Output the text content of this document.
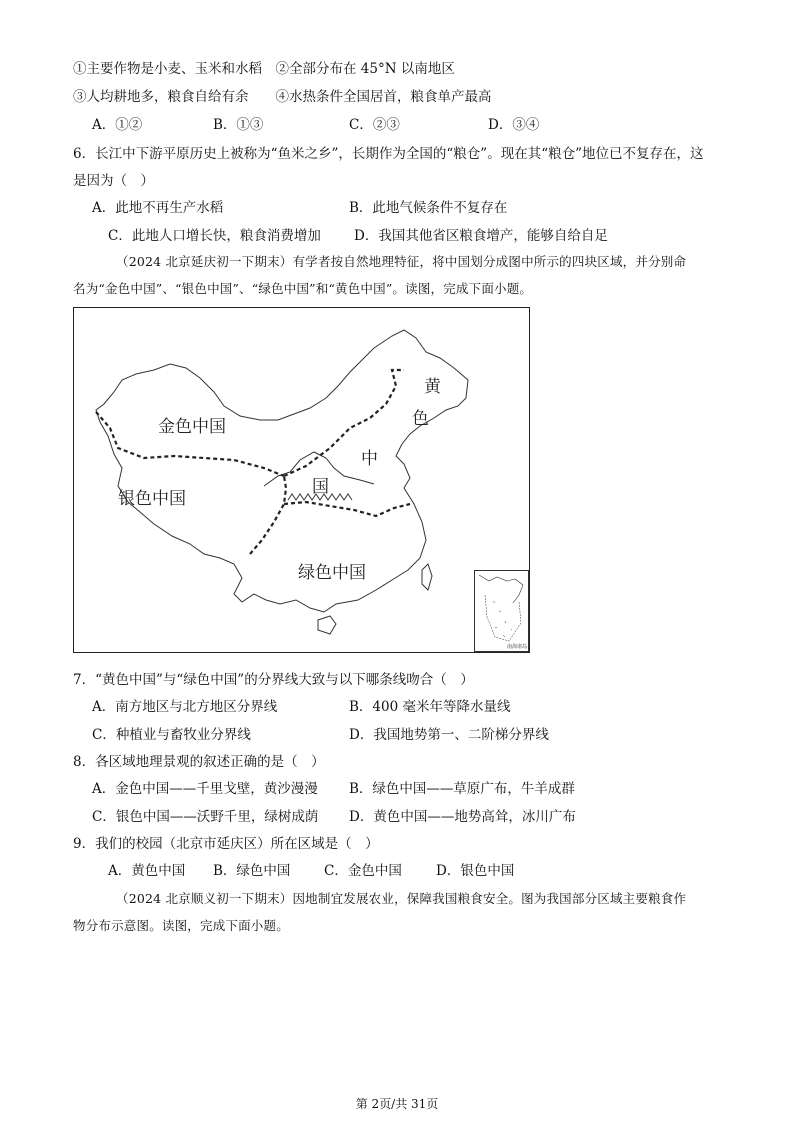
①主要作物是小麦、玉米和水稻　②全部分布在 45°N 以南地区
③人均耕地多，粮食自给有余　　④水热条件全国居首，粮食单产最高
A．①②	B．①③	C．②③	D．③④
6．长江中下游平原历史上被称为“鱼米之乡”，长期作为全国的“粮仓”。现在其“粮仓”地位已不复存在，这
是因为（　）
A．此地不再生产水稻	B．此地气候条件不复存在
C．此地人口增长快，粮食消费增加 D．我国其他省区粮食增产，能够自给自足
（2024 北京延庆初一下期末）有学者按自然地理特征，将中国划分成图中所示的四块区域，并分别命
名为“金色中国”、“银色中国”、“绿色中国”和“黄色中国”。读图，完成下面小题。
金色中国
银色中国
绿色中国
黄
色
中
国
南海诸岛
7．“黄色中国”与“绿色中国”的分界线大致与以下哪条线吻合（　）
A．南方地区与北方地区分界线	B．400 毫米年等降水量线
C．种植业与畜牧业分界线	D．我国地势第一、二阶梯分界线
8．各区域地理景观的叙述正确的是（　）
A．金色中国——千里戈壁，黄沙漫漫 B．绿色中国——草原广布，牛羊成群
C．银色中国——沃野千里，绿树成荫 D．黄色中国——地势高耸，冰川广布
9．我们的校园（北京市延庆区）所在区域是（　）
A．黄色中国 B．绿色中国 C．金色中国	D．银色中国
（2024 北京顺义初一下期末）因地制宜发展农业，保障我国粮食安全。图为我国部分区域主要粮食作
物分布示意图。读图，完成下面小题。
第 2页/共 31页
